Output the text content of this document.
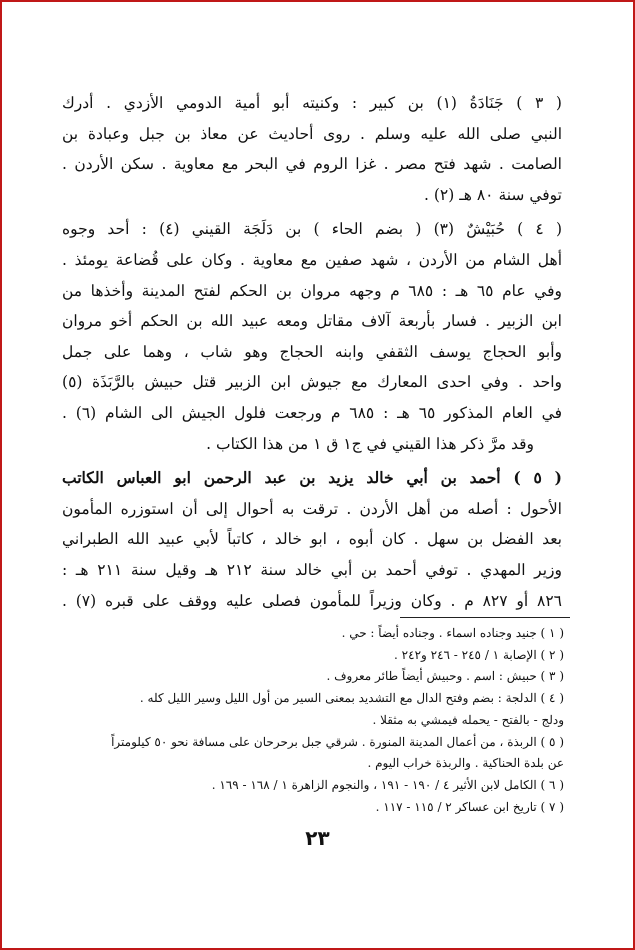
( ٣ ) جَنَادَةُ (١) بن كبير : وكنيته أبو أمية الدومي الأزدي . أدرك
النبي صلى الله عليه وسلم . روى أحاديث عن معاذ بن جبل وعبادة بن
الصامت . شهد فتح مصر . غزا الروم في البحر مع معاوية . سكن الأردن .
توفي سنة ٨٠ هـ (٢) .
( ٤ ) حُبَيْشٌ (٣) ( بضم الحاء ) بن دَلَجَة القيني (٤) : أحد وجوه
أهل الشام من الأردن ، شهد صفين مع معاوية . وكان على قُضاعة يومئذ .
وفي عام ٦٥ هـ : ٦٨٥ م وجهه مروان بن الحكم لفتح المدينة وأخذها من
ابن الزبير . فسار بأربعة آلاف مقاتل ومعه عبيد الله بن الحكم أخو مروان
وأبو الحجاج يوسف الثقفي وابنه الحجاج وهو شاب ، وهما على جمل
واحد . وفي احدى المعارك مع جيوش ابن الزبير قتل حبيش بالرَّبَذَة (٥)
في العام المذكور ٦٥ هـ : ٦٨٥ م ورجعت فلول الجيش الى الشام (٦) .
وقد مرَّ ذكر هذا القيني في ج١ ق ١ من هذا الكتاب .
( ٥ ) أحمد بن أبي خالد يزيد بن عبد الرحمن ابو العباس الكاتب
الأحول : أصله من أهل الأردن . ترقت به أحوال إلى أن استوزره المأمون
بعد الفضل بن سهل . كان أبوه ، ابو خالد ، كاتباً لأبي عبيد الله الطبراني
وزير المهدي . توفي أحمد بن أبي خالد سنة ٢١٢ هـ وقيل سنة ٢١١ هـ :
٨٢٦ أو ٨٢٧ م . وكان وزيراً للمأمون فصلى عليه ووقف على قبره (٧) .
( ١ ) جنيد وجناده اسماء . وجناده أيضاً : حي .
( ٢ ) الإصابة ١ / ٢٤٥ - ٢٤٦ و٢٤٢ .
( ٣ ) حبيش : اسم . وحبيش أيضاً طائر معروف .
( ٤ ) الدلجة : بضم وفتح الدال مع التشديد بمعنى السير من أول الليل وسير الليل كله .
ودلج - بالفتح - يحمله فيمشي به مثقلا .
( ٥ ) الربذة ، من أعمال المدينة المنورة . شرقي جبل برحرحان على مسافة نحو ٥٠ كيلومتراً
عن بلدة الحناكية . والربذة خراب اليوم .
( ٦ ) الكامل لابن الأثير ٤ / ١٩٠ - ١٩١ ، والنجوم الزاهرة ١ / ١٦٨ - ١٦٩ .
( ٧ ) تاريخ ابن عساكر ٢ / ١١٥ - ١١٧ .
٢٣
